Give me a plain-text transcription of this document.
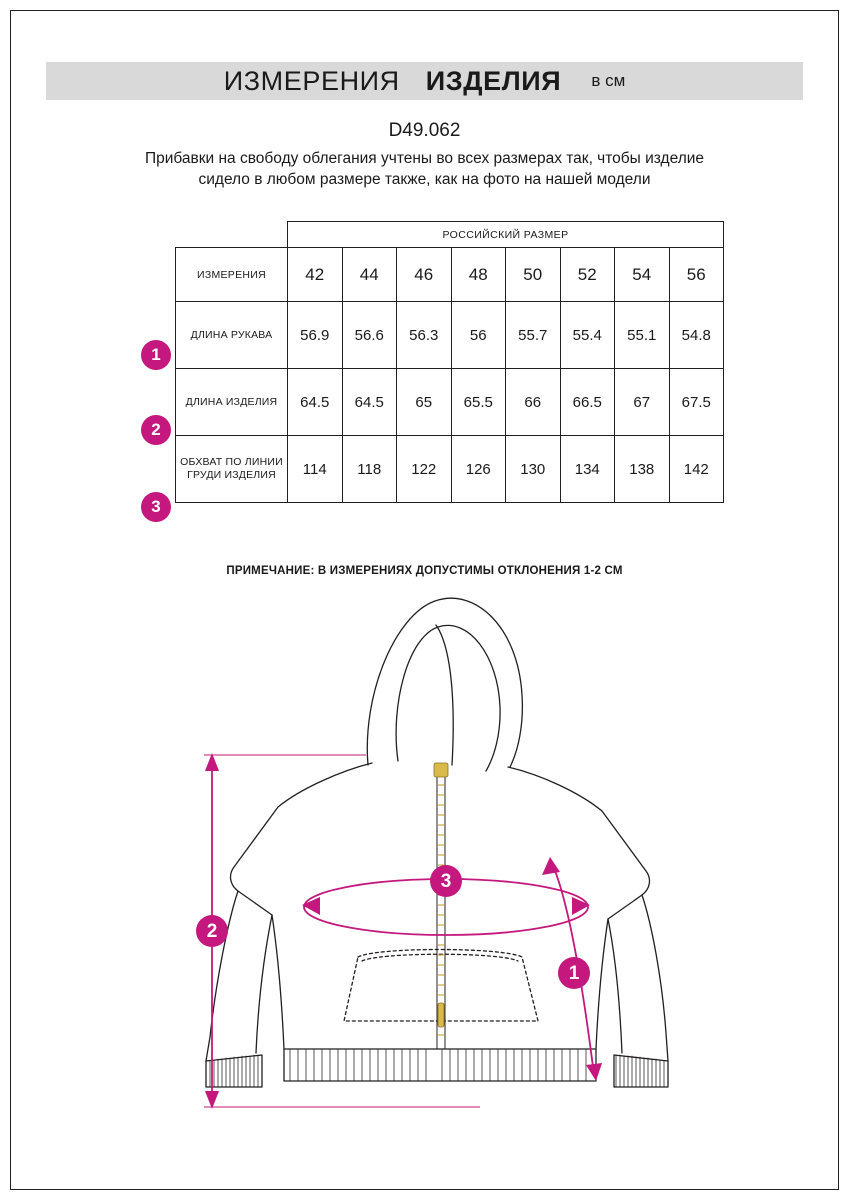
ИЗМЕРЕНИЯ ИЗДЕЛИЯ в см
D49.062
Прибавки на свободу облегания учтены во всех размерах так, чтобы изделие сидело в любом размере также, как на фото на нашей модели
	РОССИЙСКИЙ РАЗМЕР							
ИЗМЕРЕНИЯ	42	44	46	48	50	52	54	56
ДЛИНА РУКАВА	56.9	56.6	56.3	56	55.7	55.4	55.1	54.8
ДЛИНА ИЗДЕЛИЯ	64.5	64.5	65	65.5	66	66.5	67	67.5
ОБХВАТ ПО ЛИНИИ ГРУДИ ИЗДЕЛИЯ	114	118	122	126	130	134	138	142
1
2
3
ПРИМЕЧАНИЕ: В ИЗМЕРЕНИЯХ ДОПУСТИМЫ ОТКЛОНЕНИЯ 1-2 СМ
2
3
1
